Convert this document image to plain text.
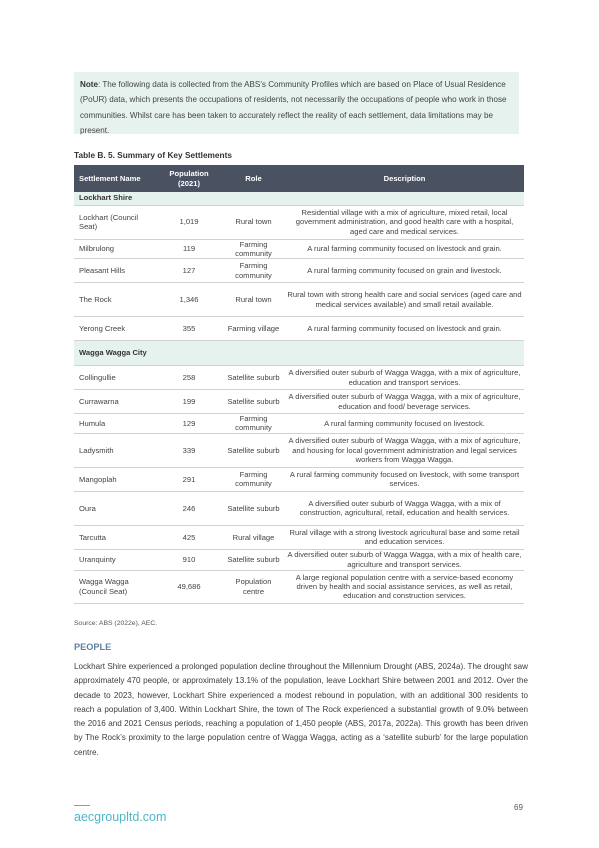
Note: The following data is collected from the ABS’s Community Profiles which are based on Place of Usual Residence (PoUR) data, which presents the occupations of residents, not necessarily the occupations of people who work in those communities. Whilst care has been taken to accurately reflect the reality of each settlement, data limitations may be present.
Table B. 5. Summary of Key Settlements
Settlement Name	Population (2021)	Role	Description
Lockhart Shire			
Lockhart (Council Seat)	1,019	Rural town	Residential village with a mix of agriculture, mixed retail, local government administration, and good health care with a hospital, aged care and medical services.
Milbrulong	119	Farming community	A rural farming community focused on livestock and grain.
Pleasant Hills	127	Farming community	A rural farming community focused on grain and livestock.
The Rock	1,346	Rural town	Rural town with strong health care and social services (aged care and medical services available) and small retail available.
Yerong Creek	355	Farming village	A rural farming community focused on livestock and grain.
Wagga Wagga City			
Collingullie	258	Satellite suburb	A diversified outer suburb of Wagga Wagga, with a mix of agriculture, education and transport services.
Currawarna	199	Satellite suburb	A diversified outer suburb of Wagga Wagga, with a mix of agriculture, education and food/ beverage services.
Humula	129	Farming community	A rural farming community focused on livestock.
Ladysmith	339	Satellite suburb	A diversified outer suburb of Wagga Wagga, with a mix of agriculture, and housing for local government administration and legal services workers from Wagga Wagga.
Mangoplah	291	Farming community	A rural farming community focused on livestock, with some transport services.
Oura	246	Satellite suburb	A diversified outer suburb of Wagga Wagga, with a mix of construction, agricultural, retail, education and health services.
Tarcutta	425	Rural village	Rural village with a strong livestock agricultural base and some retail and education services.
Uranquinty	910	Satellite suburb	A diversified outer suburb of Wagga Wagga, with a mix of health care, agriculture and transport services.
Wagga Wagga (Council Seat)	49,686	Population centre	A large regional population centre with a service-based economy driven by health and social assistance services, as well as retail, education and construction services.
Source: ABS (2022e), AEC.
PEOPLE
Lockhart Shire experienced a prolonged population decline throughout the Millennium Drought (ABS, 2024a). The drought saw approximately 470 people, or approximately 13.1% of the population, leave Lockhart Shire between 2001 and 2012. Over the decade to 2023, however, Lockhart Shire experienced a modest rebound in population, with an additional 300 residents to reach a population of 3,400. Within Lockhart Shire, the town of The Rock experienced a substantial growth of 9.0% between the 2016 and 2021 Census periods, reaching a population of 1,450 people (ABS, 2017a, 2022a). This growth has been driven by The Rock’s proximity to the large population centre of Wagga Wagga, acting as a ‘satellite suburb’ for the large population centre.
aecgroupltd.com
69
